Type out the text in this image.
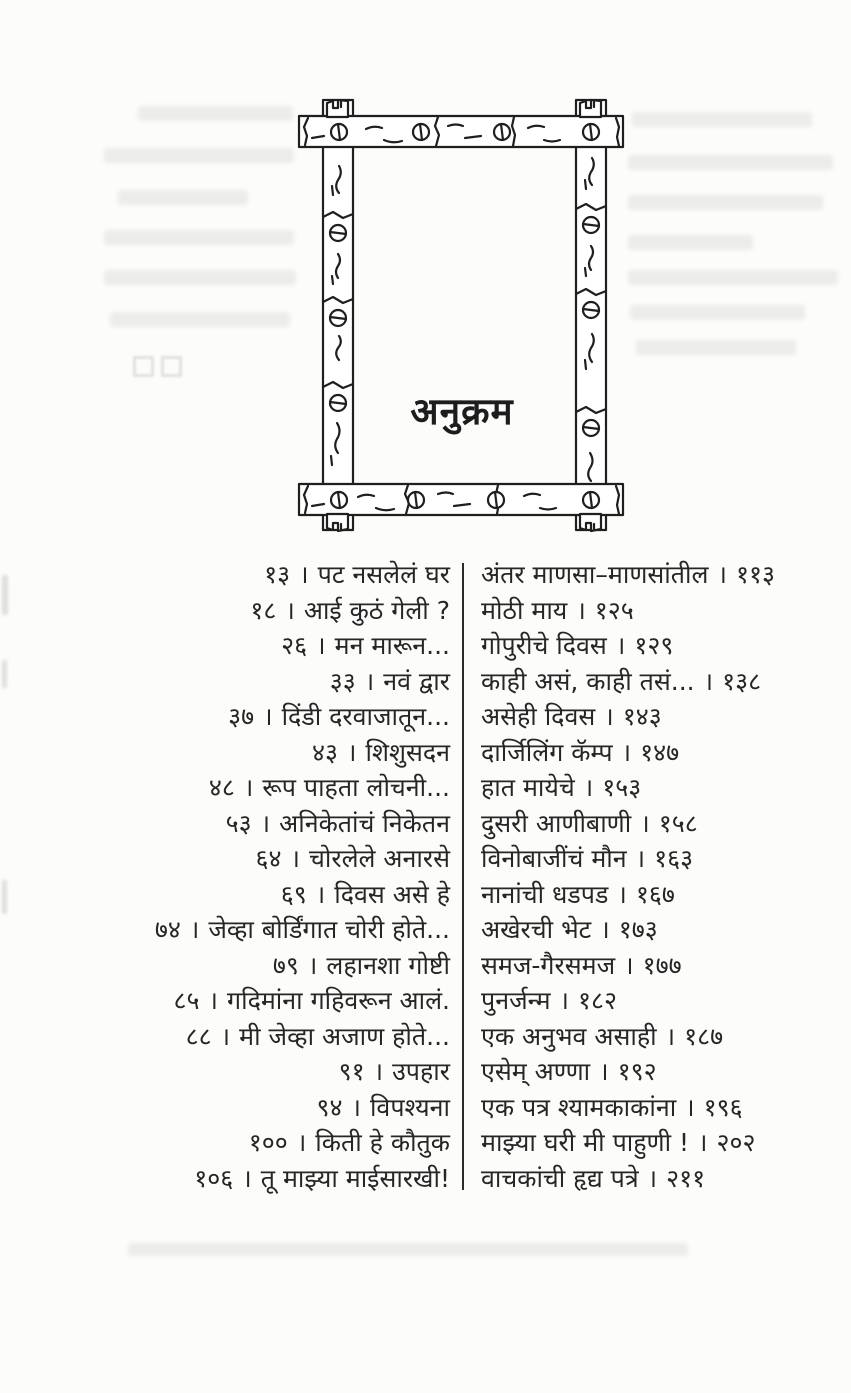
अनुक्रम
१३ । पट नसलेलं घर
१८ । आई कुठं गेली ?
२६ । मन मारून...
३३ । नवं द्वार
३७ । दिंडी दरवाजातून...
४३ । शिशुसदन
४८ । रूप पाहता लोचनी...
५३ । अनिकेतांचं निकेतन
६४ । चोरलेले अनारसे
६९ । दिवस असे हे
७४ । जेव्हा बोर्डिंगात चोरी होते...
७९ । लहानशा गोष्टी
८५ । गदिमांना गहिवरून आलं.
८८ । मी जेव्हा अजाण होते...
९१ । उपहार
९४ । विपश्यना
१०० । किती हे कौतुक
१०६ । तू माझ्या माईसारखी!
अंतर माणसा–माणसांतील । ११३
मोठी माय । १२५
गोपुरीचे दिवस । १२९
काही असं, काही तसं... । १३८
असेही दिवस । १४३
दार्जिलिंग कॅम्प । १४७
हात मायेचे । १५३
दुसरी आणीबाणी । १५८
विनोबाजींचं मौन । १६३
नानांची धडपड । १६७
अखेरची भेट । १७३
समज-गैरसमज । १७७
पुनर्जन्म । १८२
एक अनुभव असाही । १८७
एसेम् अण्णा । १९२
एक पत्र श्यामकाकांना । १९६
माझ्या घरी मी पाहुणी ! । २०२
वाचकांची हृद्य पत्रे । २११
